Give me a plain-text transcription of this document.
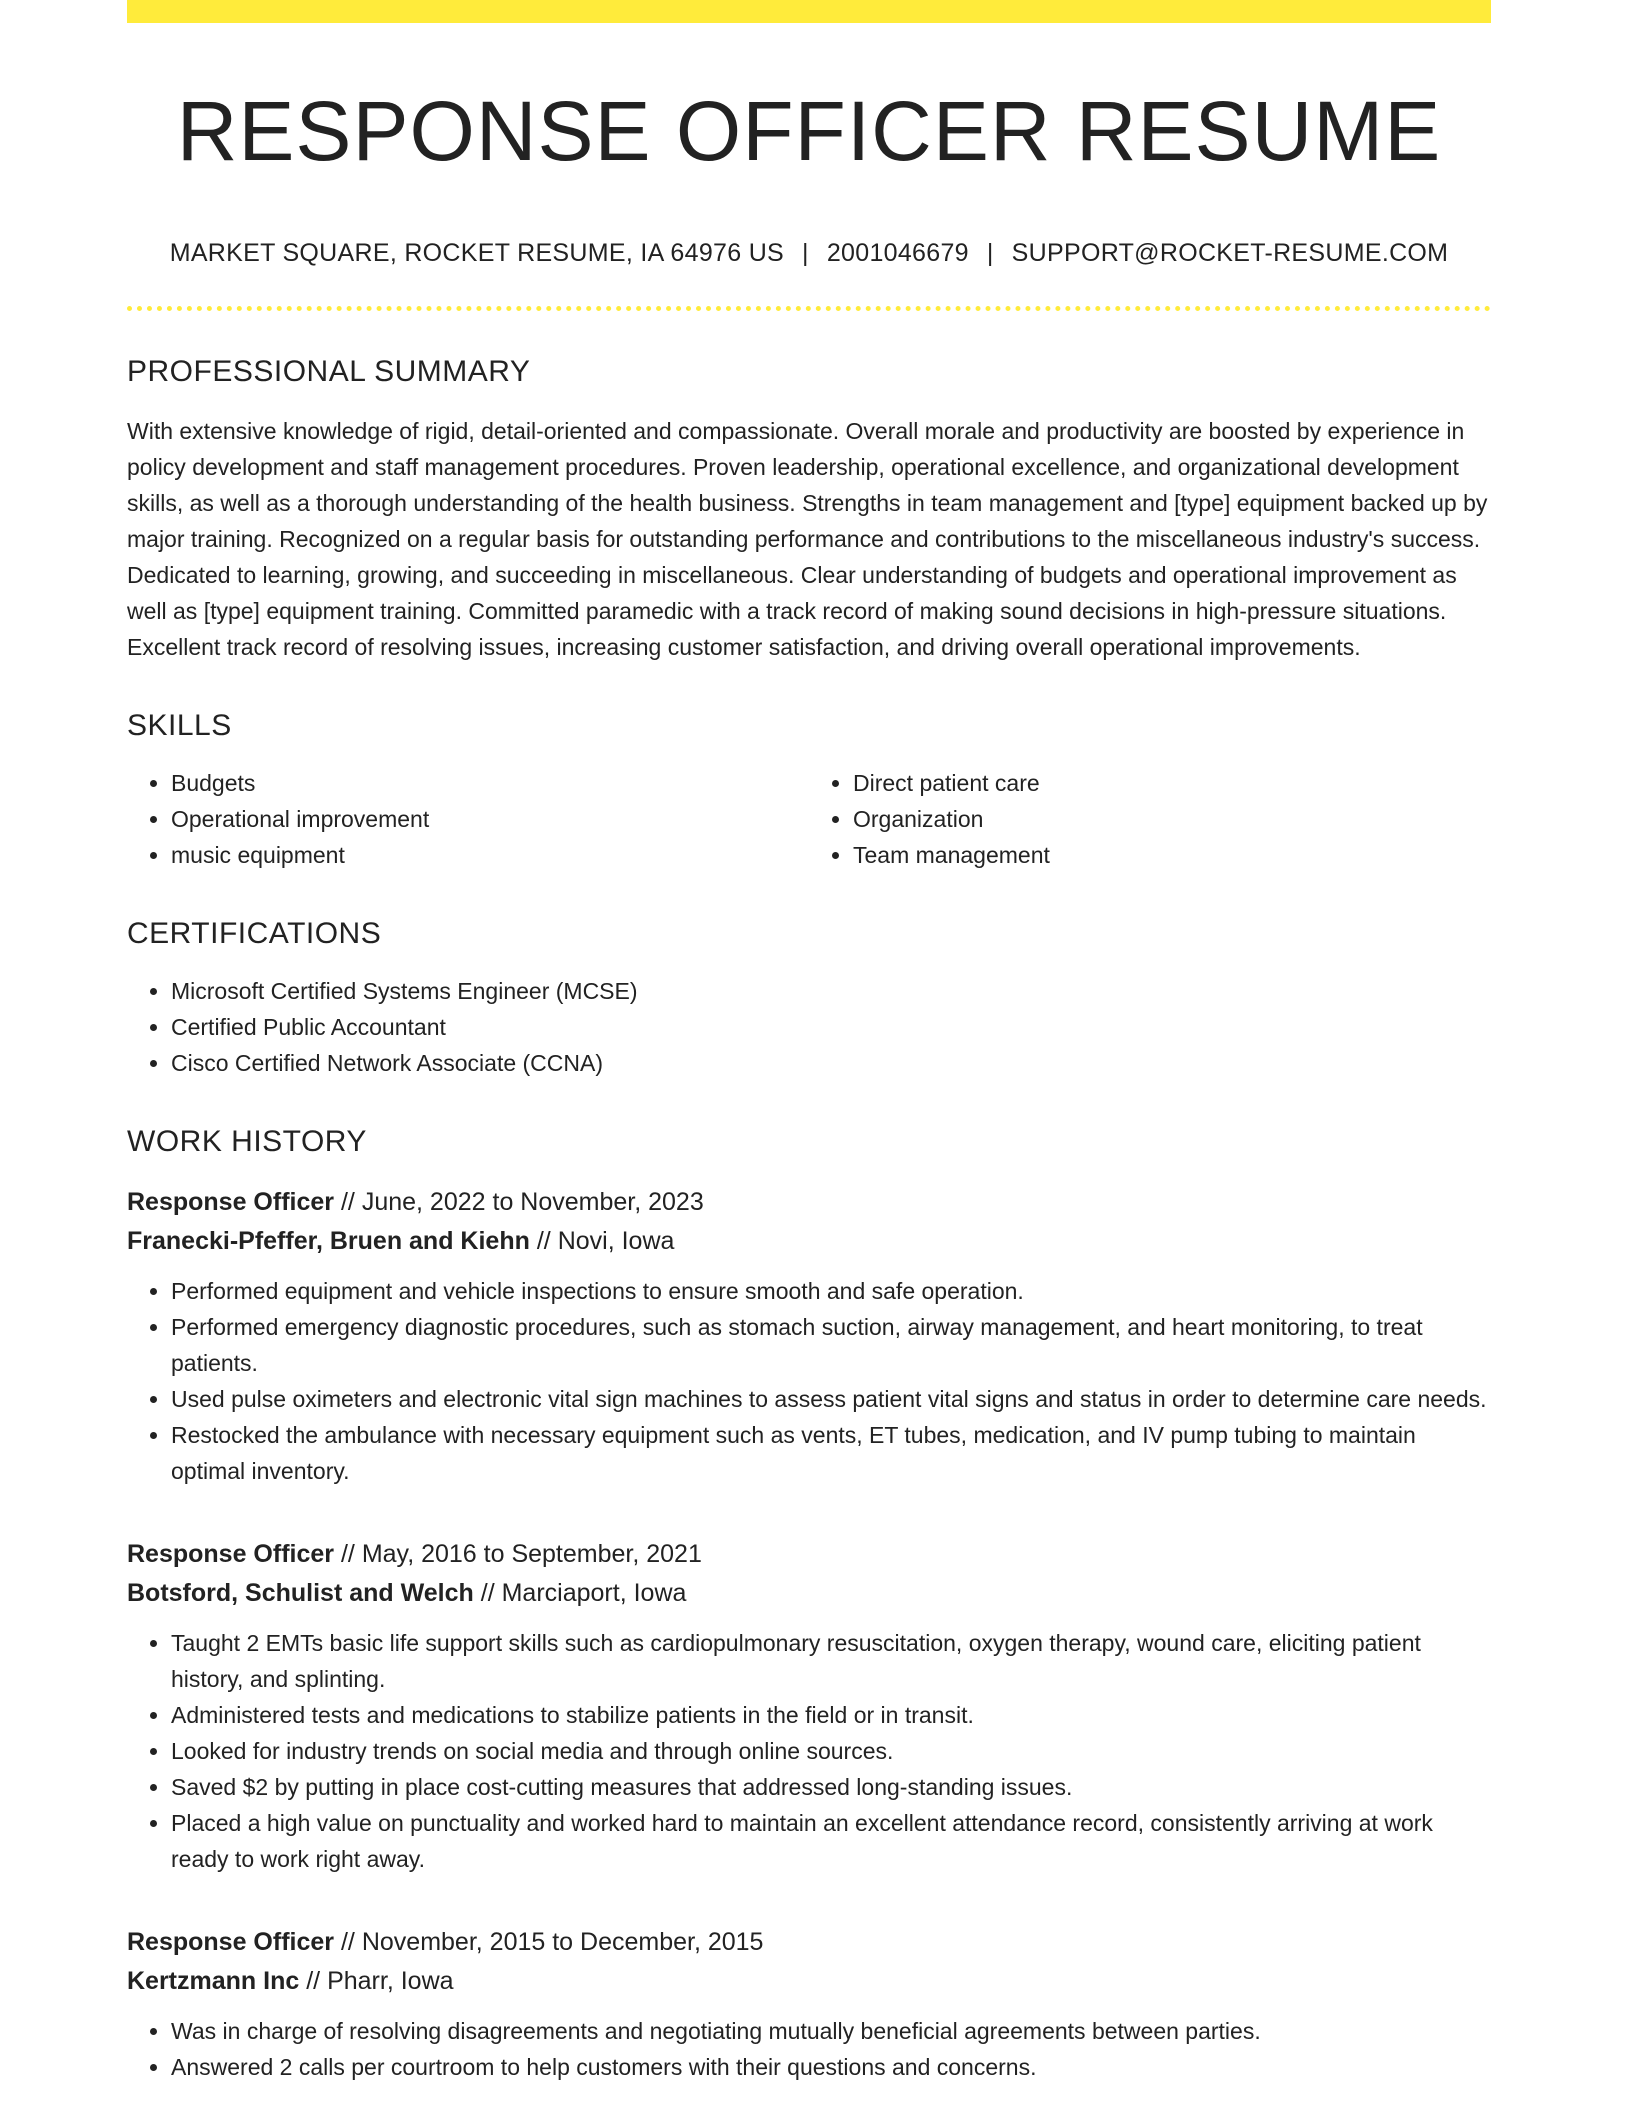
RESPONSE OFFICER RESUME
MARKET SQUARE, ROCKET RESUME, IA 64976 US | 2001046679 | SUPPORT@ROCKET-RESUME.COM
PROFESSIONAL SUMMARY
With extensive knowledge of rigid, detail-oriented and compassionate. Overall morale and productivity are boosted by experience in policy development and staff management procedures. Proven leadership, operational excellence, and organizational development skills, as well as a thorough understanding of the health business. Strengths in team management and [type] equipment backed up by major training. Recognized on a regular basis for outstanding performance and contributions to the miscellaneous industry's success. Dedicated to learning, growing, and succeeding in miscellaneous. Clear understanding of budgets and operational improvement as well as [type] equipment training. Committed paramedic with a track record of making sound decisions in high-pressure situations. Excellent track record of resolving issues, increasing customer satisfaction, and driving overall operational improvements.
SKILLS
• Budgets
• Operational improvement
• music equipment
• Direct patient care
• Organization
• Team management
CERTIFICATIONS
• Microsoft Certified Systems Engineer (MCSE)
• Certified Public Accountant
• Cisco Certified Network Associate (CCNA)
WORK HISTORY
Response Officer // June, 2022 to November, 2023
Franecki-Pfeffer, Bruen and Kiehn // Novi, Iowa
• Performed equipment and vehicle inspections to ensure smooth and safe operation.
• Performed emergency diagnostic procedures, such as stomach suction, airway management, and heart monitoring, to treat patients.
• Used pulse oximeters and electronic vital sign machines to assess patient vital signs and status in order to determine care needs.
• Restocked the ambulance with necessary equipment such as vents, ET tubes, medication, and IV pump tubing to maintain optimal inventory.
Response Officer // May, 2016 to September, 2021
Botsford, Schulist and Welch // Marciaport, Iowa
• Taught 2 EMTs basic life support skills such as cardiopulmonary resuscitation, oxygen therapy, wound care, eliciting patient history, and splinting.
• Administered tests and medications to stabilize patients in the field or in transit.
• Looked for industry trends on social media and through online sources.
• Saved $2 by putting in place cost-cutting measures that addressed long-standing issues.
• Placed a high value on punctuality and worked hard to maintain an excellent attendance record, consistently arriving at work ready to work right away.
Response Officer // November, 2015 to December, 2015
Kertzmann Inc // Pharr, Iowa
• Was in charge of resolving disagreements and negotiating mutually beneficial agreements between parties.
• Answered 2 calls per courtroom to help customers with their questions and concerns.
